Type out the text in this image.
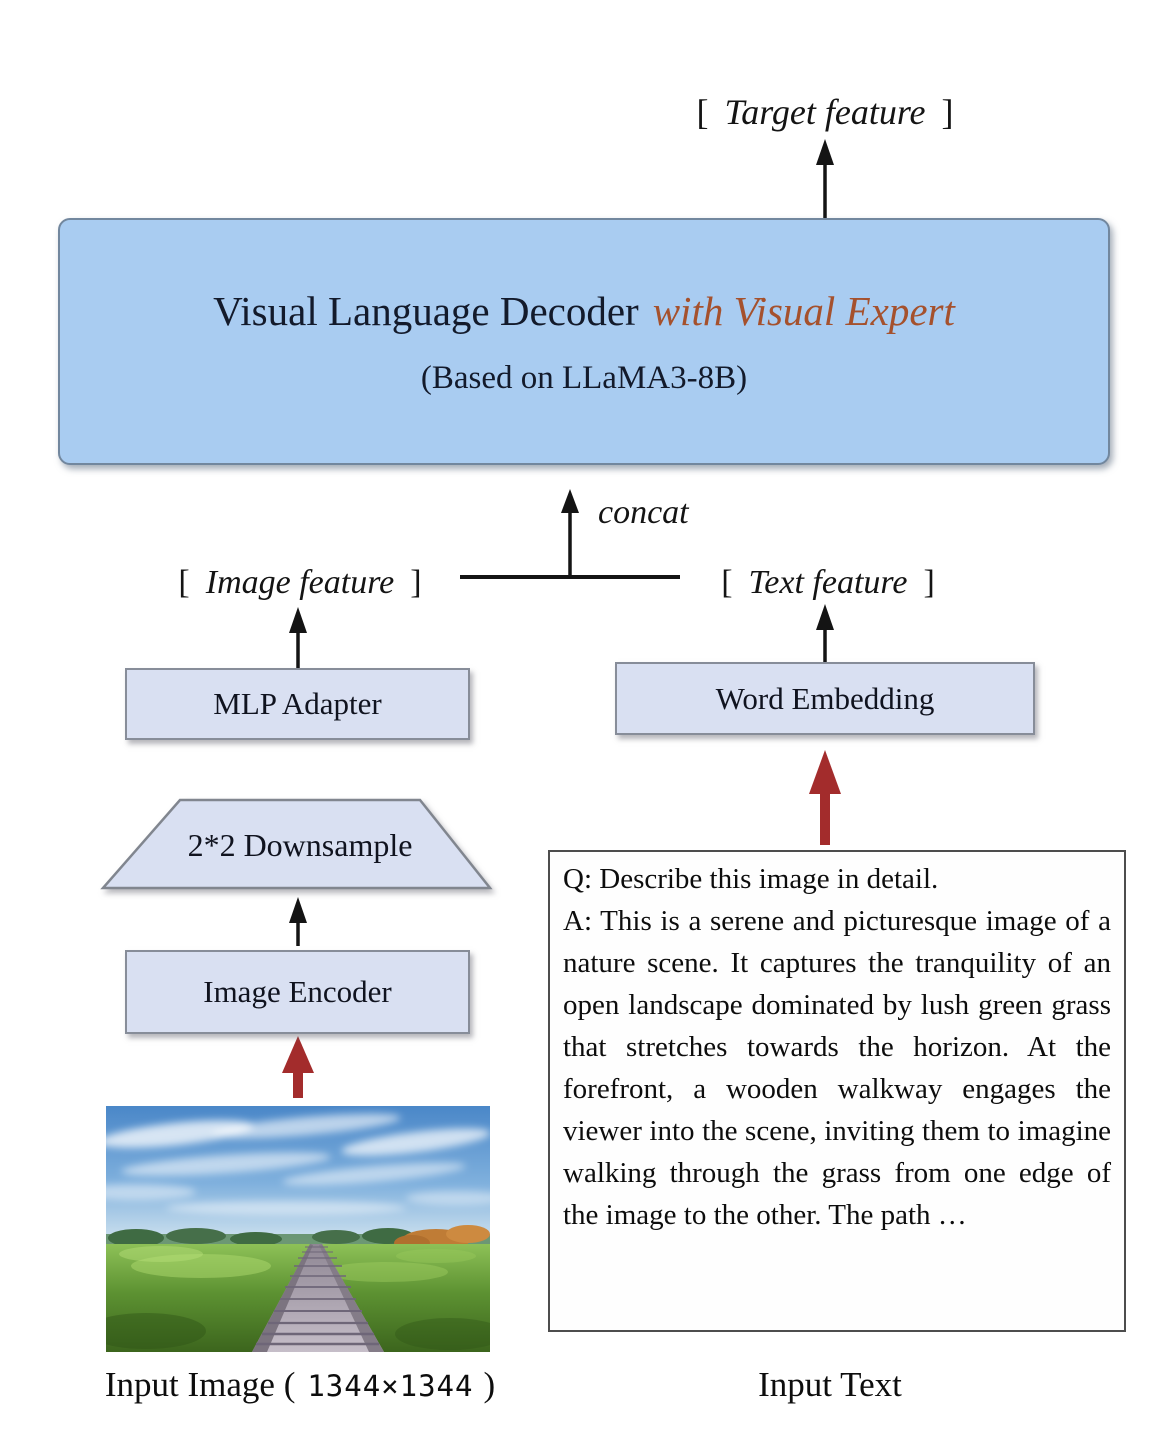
[ Target feature ]
Visual Language Decoder with Visual Expert
(Based on LLaMA3-8B)
concat
[ Image feature ]	[ Text feature ]
MLP Adapter	Word Embedding
2*2 Downsample
Image Encoder

Q: Describe this image in detail.

A: This is a serene and picturesque image of a nature scene. It captures the tranquility of an open landscape dominated by lush green grass that stretches towards the horizon. At the forefront, a wooden walkway engages the viewer into the scene, inviting them to imagine walking through the grass from one edge of the image to the other. The path …

Input Image ( 1344×1344 )	Input Text
